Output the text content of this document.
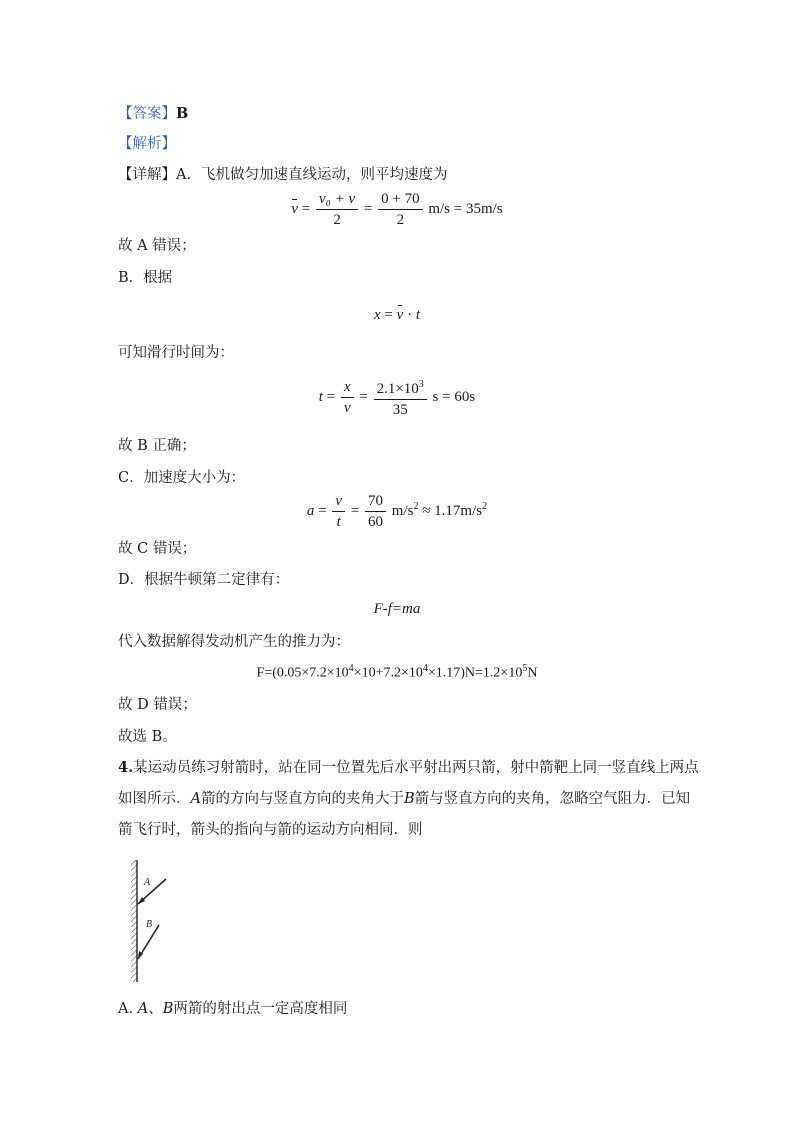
【答案】B
【解析】
【详解】A．飞机做匀加速直线运动，则平均速度为
$v = \frac{\text{v₀ + v}}{2} = \frac{0 + 70}{2} m/s = 35m/s$
故 A 错误；
B．根据
x = v · t
可知滑行时间为：
$t = \frac{x}{v} = \frac{2.1\times 10^3}{35}$ s = 60s
故 B 正确；
C．加速度大小为：
$a = \frac{v}{t} = \frac{70}{60} m/s^2 \approx 1.17m/s^2$
故 C 错误；
D．根据牛顿第二定律有：
F-f=ma
代入数据解得发动机产生的推力为：
$F=(0.05\times 7.2\times 10^4\times 10+7.2\times 10^4\times 1.17)N=1.2\times 10^5N$
故 D 错误；
故选 B。
4.某运动员练习射箭时，站在同一位置先后水平射出两只箭，射中箭靶上同一竖直线上两点
如图所示．A箭的方向与竖直方向的夹角大于B箭与竖直方向的夹角，忽略空气阻力．已知
箭飞行时，箭头的指向与箭的运动方向相同．则
A
B
A. A、B两箭的射出点一定高度相同
